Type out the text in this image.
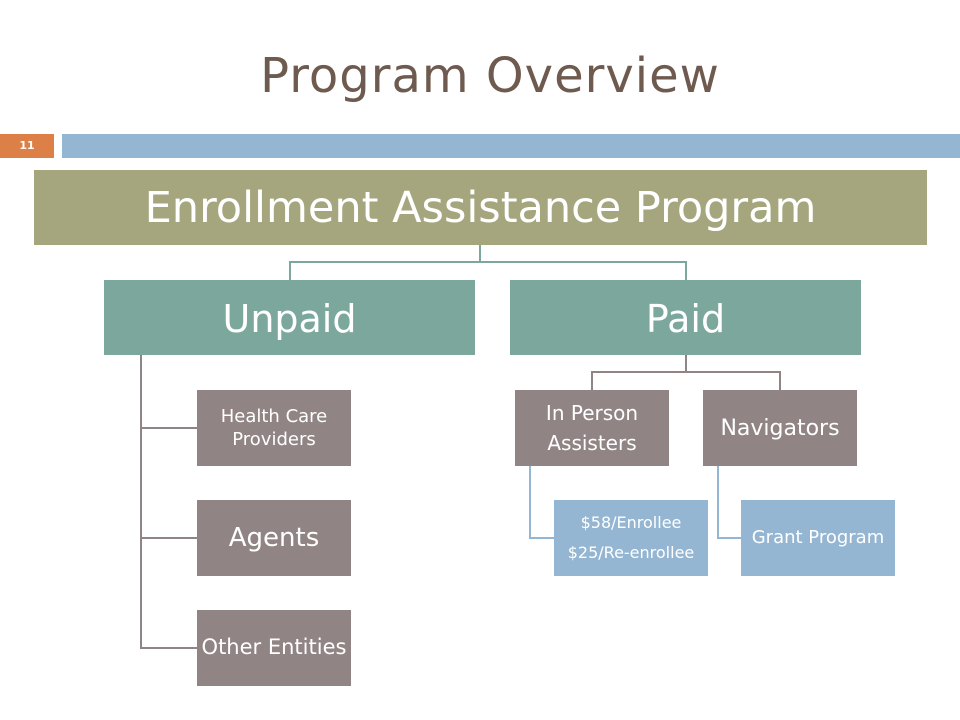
Program Overview
11
Enrollment Assistance Program
Unpaid	Paid
Health Care Providers
Agents
Other Entities
In Person Assisters
Navigators
$58/Enrollee
$25/Re-enrollee
Grant Program
